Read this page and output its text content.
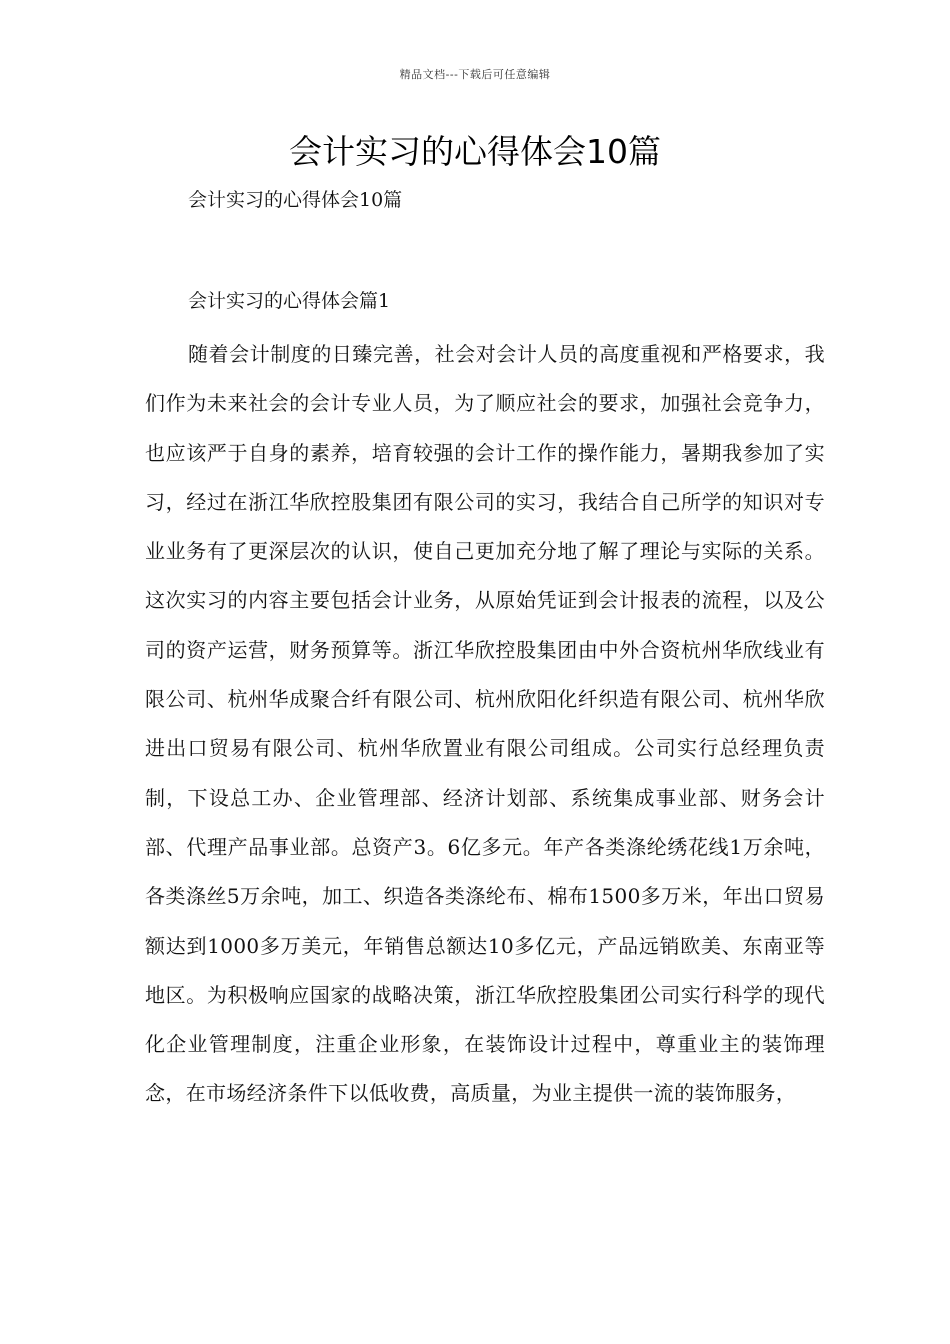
精品文档---下载后可任意编辑
会计实习的心得体会10篇

会计实习的心得体会10篇

会计实习的心得体会篇1

随着会计制度的日臻完善，社会对会计人员的高度重视和严格要求，我们作为未来社会的会计专业人员，为了顺应社会的要求，加强社会竞争力，也应该严于自身的素养，培育较强的会计工作的操作能力，暑期我参加了实习，经过在浙江华欣控股集团有限公司的实习，我结合自己所学的知识对专业业务有了更深层次的认识，使自己更加充分地了解了理论与实际的关系。这次实习的内容主要包括会计业务，从原始凭证到会计报表的流程，以及公司的资产运营，财务预算等。浙江华欣控股集团由中外合资杭州华欣线业有限公司、杭州华成聚合纤有限公司、杭州欣阳化纤织造有限公司、杭州华欣进出口贸易有限公司、杭州华欣置业有限公司组成。公司实行总经理负责制，下设总工办、企业管理部、经济计划部、系统集成事业部、财务会计部、代理产品事业部。总资产3。6亿多元。年产各类涤纶绣花线1万余吨，各类涤丝5万余吨，加工、织造各类涤纶布、棉布1500多万米，年出口贸易额达到1000多万美元，年销售总额达10多亿元，产品远销欧美、东南亚等地区。为积极响应国家的战略决策，浙江华欣控股集团公司实行科学的现代化企业管理制度，注重企业形象，在装饰设计过程中，尊重业主的装饰理念，在市场经济条件下以低收费，高质量，为业主提供一流的装饰服务，
